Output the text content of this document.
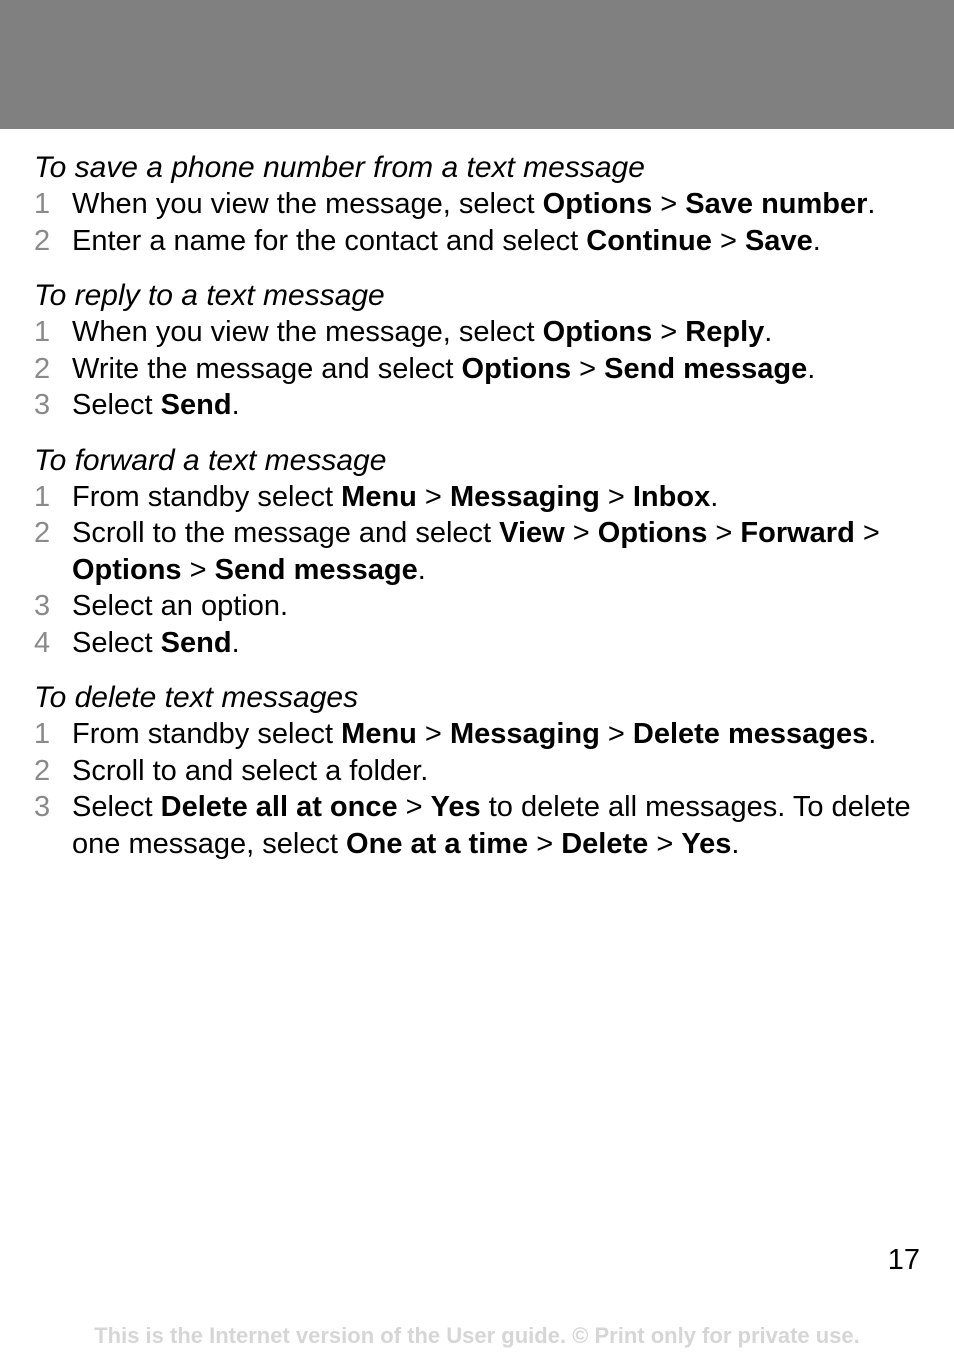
To save a phone number from a text message
1 When you view the message, select Options > Save number.
2 Enter a name for the contact and select Continue > Save.
To reply to a text message
1 When you view the message, select Options > Reply.
2 Write the message and select Options > Send message.
3 Select Send.
To forward a text message
1 From standby select Menu > Messaging > Inbox.
2 Scroll to the message and select View > Options > Forward > Options > Send message.
3 Select an option.
4 Select Send.
To delete text messages
1 From standby select Menu > Messaging > Delete messages.
2 Scroll to and select a folder.
3 Select Delete all at once > Yes to delete all messages. To delete one message, select One at a time > Delete > Yes.
17
This is the Internet version of the User guide. © Print only for private use.
